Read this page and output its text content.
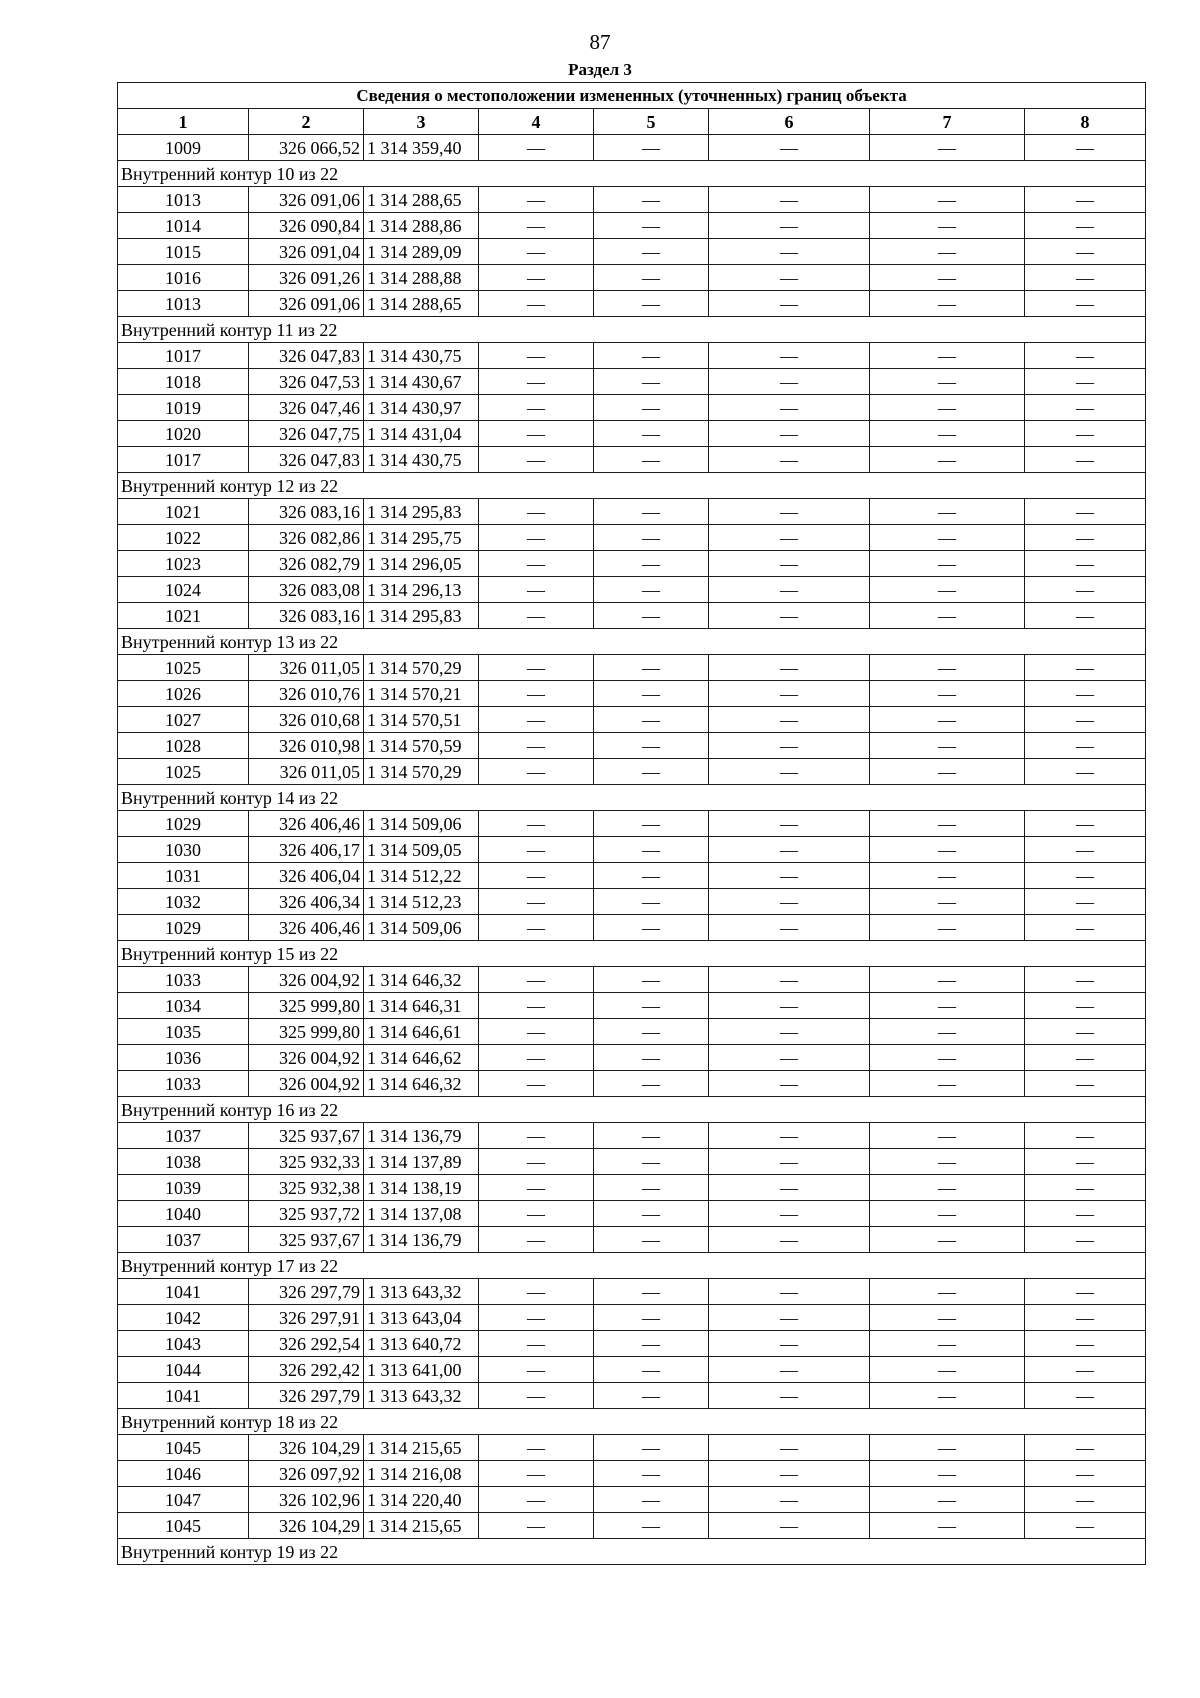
87
Раздел 3
Сведения о местоположении измененных (уточненных) границ объекта							
1	2	3	4	5	6	7	8
1009	326 066,52	1 314 359,40	—	—	—	—	—
Внутренний контур 10 из 22							
1013	326 091,06	1 314 288,65	—	—	—	—	—
1014	326 090,84	1 314 288,86	—	—	—	—	—
1015	326 091,04	1 314 289,09	—	—	—	—	—
1016	326 091,26	1 314 288,88	—	—	—	—	—
1013	326 091,06	1 314 288,65	—	—	—	—	—
Внутренний контур 11 из 22							
1017	326 047,83	1 314 430,75	—	—	—	—	—
1018	326 047,53	1 314 430,67	—	—	—	—	—
1019	326 047,46	1 314 430,97	—	—	—	—	—
1020	326 047,75	1 314 431,04	—	—	—	—	—
1017	326 047,83	1 314 430,75	—	—	—	—	—
Внутренний контур 12 из 22							
1021	326 083,16	1 314 295,83	—	—	—	—	—
1022	326 082,86	1 314 295,75	—	—	—	—	—
1023	326 082,79	1 314 296,05	—	—	—	—	—
1024	326 083,08	1 314 296,13	—	—	—	—	—
1021	326 083,16	1 314 295,83	—	—	—	—	—
Внутренний контур 13 из 22							
1025	326 011,05	1 314 570,29	—	—	—	—	—
1026	326 010,76	1 314 570,21	—	—	—	—	—
1027	326 010,68	1 314 570,51	—	—	—	—	—
1028	326 010,98	1 314 570,59	—	—	—	—	—
1025	326 011,05	1 314 570,29	—	—	—	—	—
Внутренний контур 14 из 22							
1029	326 406,46	1 314 509,06	—	—	—	—	—
1030	326 406,17	1 314 509,05	—	—	—	—	—
1031	326 406,04	1 314 512,22	—	—	—	—	—
1032	326 406,34	1 314 512,23	—	—	—	—	—
1029	326 406,46	1 314 509,06	—	—	—	—	—
Внутренний контур 15 из 22							
1033	326 004,92	1 314 646,32	—	—	—	—	—
1034	325 999,80	1 314 646,31	—	—	—	—	—
1035	325 999,80	1 314 646,61	—	—	—	—	—
1036	326 004,92	1 314 646,62	—	—	—	—	—
1033	326 004,92	1 314 646,32	—	—	—	—	—
Внутренний контур 16 из 22							
1037	325 937,67	1 314 136,79	—	—	—	—	—
1038	325 932,33	1 314 137,89	—	—	—	—	—
1039	325 932,38	1 314 138,19	—	—	—	—	—
1040	325 937,72	1 314 137,08	—	—	—	—	—
1037	325 937,67	1 314 136,79	—	—	—	—	—
Внутренний контур 17 из 22							
1041	326 297,79	1 313 643,32	—	—	—	—	—
1042	326 297,91	1 313 643,04	—	—	—	—	—
1043	326 292,54	1 313 640,72	—	—	—	—	—
1044	326 292,42	1 313 641,00	—	—	—	—	—
1041	326 297,79	1 313 643,32	—	—	—	—	—
Внутренний контур 18 из 22							
1045	326 104,29	1 314 215,65	—	—	—	—	—
1046	326 097,92	1 314 216,08	—	—	—	—	—
1047	326 102,96	1 314 220,40	—	—	—	—	—
1045	326 104,29	1 314 215,65	—	—	—	—	—
Внутренний контур 19 из 22							
